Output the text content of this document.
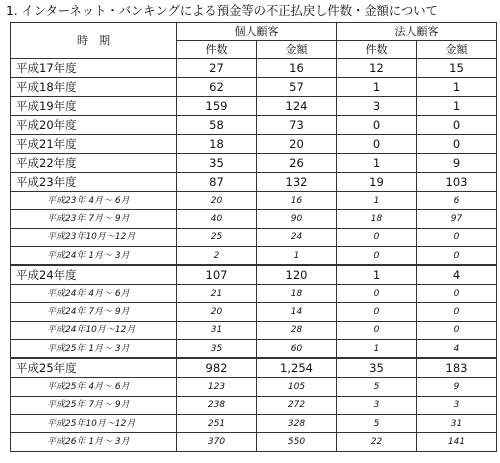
1. インターネット・バンキングによる預金等の不正払戻し件数・金額について
時　期	個人顧客		法人顧客	
	件数	金額	件数	金額
平成17年度	27	16	12	15
平成18年度	62	57	1	1
平成19年度	159	124	3	1
平成20年度	58	73	0	0
平成21年度	18	20	0	0
平成22年度	35	26	1	9
平成23年度	87	132	19	103
平成23年 4月～ 6月	20	16	1	6
平成23年 7月～ 9月	40	90	18	97
平成23年10月～12月	25	24	0	0
平成24年 1月～ 3月	2	1	0	0
平成24年度	107	120	1	4
平成24年 4月～ 6月	21	18	0	0
平成24年 7月～ 9月	20	14	0	0
平成24年10月～12月	31	28	0	0
平成25年 1月～ 3月	35	60	1	4
平成25年度	982	1,254	35	183
平成25年 4月～ 6月	123	105	5	9
平成25年 7月～ 9月	238	272	3	3
平成25年10月～12月	251	328	5	31
平成26年 1月～ 3月	370	550	22	141
